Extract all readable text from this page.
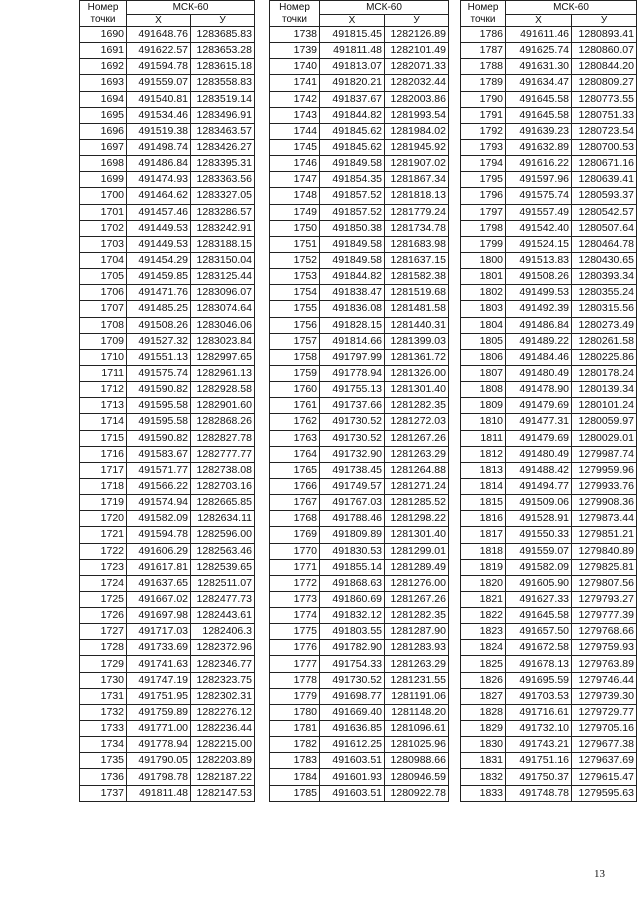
Номер
точки	МСК-60	
	Х	У
1690	491648.76	1283685.83
1691	491622.57	1283653.28
1692	491594.78	1283615.18
1693	491559.07	1283558.83
1694	491540.81	1283519.14
1695	491534.46	1283496.91
1696	491519.38	1283463.57
1697	491498.74	1283426.27
1698	491486.84	1283395.31
1699	491474.93	1283363.56
1700	491464.62	1283327.05
1701	491457.46	1283286.57
1702	491449.53	1283242.91
1703	491449.53	1283188.15
1704	491454.29	1283150.04
1705	491459.85	1283125.44
1706	491471.76	1283096.07
1707	491485.25	1283074.64
1708	491508.26	1283046.06
1709	491527.32	1283023.84
1710	491551.13	1282997.65
1711	491575.74	1282961.13
1712	491590.82	1282928.58
1713	491595.58	1282901.60
1714	491595.58	1282868.26
1715	491590.82	1282827.78
1716	491583.67	1282777.77
1717	491571.77	1282738.08
1718	491566.22	1282703.16
1719	491574.94	1282665.85
1720	491582.09	1282634.11
1721	491594.78	1282596.00
1722	491606.29	1282563.46
1723	491617.81	1282539.65
1724	491637.65	1282511.07
1725	491667.02	1282477.73
1726	491697.98	1282443.61
1727	491717.03	1282406.3
1728	491733.69	1282372.96
1729	491741.63	1282346.77
1730	491747.19	1282323.75
1731	491751.95	1282302.31
1732	491759.89	1282276.12
1733	491771.00	1282236.44
1734	491778.94	1282215.00
1735	491790.05	1282203.89
1736	491798.78	1282187.22
1737	491811.48	1282147.53
Номер
точки	МСК-60	
	Х	У
1738	491815.45	1282126.89
1739	491811.48	1282101.49
1740	491813.07	1282071.33
1741	491820.21	1282032.44
1742	491837.67	1282003.86
1743	491844.82	1281993.54
1744	491845.62	1281984.02
1745	491845.62	1281945.92
1746	491849.58	1281907.02
1747	491854.35	1281867.34
1748	491857.52	1281818.13
1749	491857.52	1281779.24
1750	491850.38	1281734.78
1751	491849.58	1281683.98
1752	491849.58	1281637.15
1753	491844.82	1281582.38
1754	491838.47	1281519.68
1755	491836.08	1281481.58
1756	491828.15	1281440.31
1757	491814.66	1281399.03
1758	491797.99	1281361.72
1759	491778.94	1281326.00
1760	491755.13	1281301.40
1761	491737.66	1281282.35
1762	491730.52	1281272.03
1763	491730.52	1281267.26
1764	491732.90	1281263.29
1765	491738.45	1281264.88
1766	491749.57	1281271.24
1767	491767.03	1281285.52
1768	491788.46	1281298.22
1769	491809.89	1281301.40
1770	491830.53	1281299.01
1771	491855.14	1281289.49
1772	491868.63	1281276.00
1773	491860.69	1281267.26
1774	491832.12	1281282.35
1775	491803.55	1281287.90
1776	491782.90	1281283.93
1777	491754.33	1281263.29
1778	491730.52	1281231.55
1779	491698.77	1281191.06
1780	491669.40	1281148.20
1781	491636.85	1281096.61
1782	491612.25	1281025.96
1783	491603.51	1280988.66
1784	491601.93	1280946.59
1785	491603.51	1280922.78
Номер
точки	МСК-60	
	Х	У
1786	491611.46	1280893.41
1787	491625.74	1280860.07
1788	491631.30	1280844.20
1789	491634.47	1280809.27
1790	491645.58	1280773.55
1791	491645.58	1280751.33
1792	491639.23	1280723.54
1793	491632.89	1280700.53
1794	491616.22	1280671.16
1795	491597.96	1280639.41
1796	491575.74	1280593.37
1797	491557.49	1280542.57
1798	491542.40	1280507.64
1799	491524.15	1280464.78
1800	491513.83	1280430.65
1801	491508.26	1280393.34
1802	491499.53	1280355.24
1803	491492.39	1280315.56
1804	491486.84	1280273.49
1805	491489.22	1280261.58
1806	491484.46	1280225.86
1807	491480.49	1280178.24
1808	491478.90	1280139.34
1809	491479.69	1280101.24
1810	491477.31	1280059.97
1811	491479.69	1280029.01
1812	491480.49	1279987.74
1813	491488.42	1279959.96
1814	491494.77	1279933.76
1815	491509.06	1279908.36
1816	491528.91	1279873.44
1817	491550.33	1279851.21
1818	491559.07	1279840.89
1819	491582.09	1279825.81
1820	491605.90	1279807.56
1821	491627.33	1279793.27
1822	491645.58	1279777.39
1823	491657.50	1279768.66
1824	491672.58	1279759.93
1825	491678.13	1279763.89
1826	491695.59	1279746.44
1827	491703.53	1279739.30
1828	491716.61	1279729.77
1829	491732.10	1279705.16
1830	491743.21	1279677.38
1831	491751.16	1279637.69
1832	491750.37	1279615.47
1833	491748.78	1279595.63
13
